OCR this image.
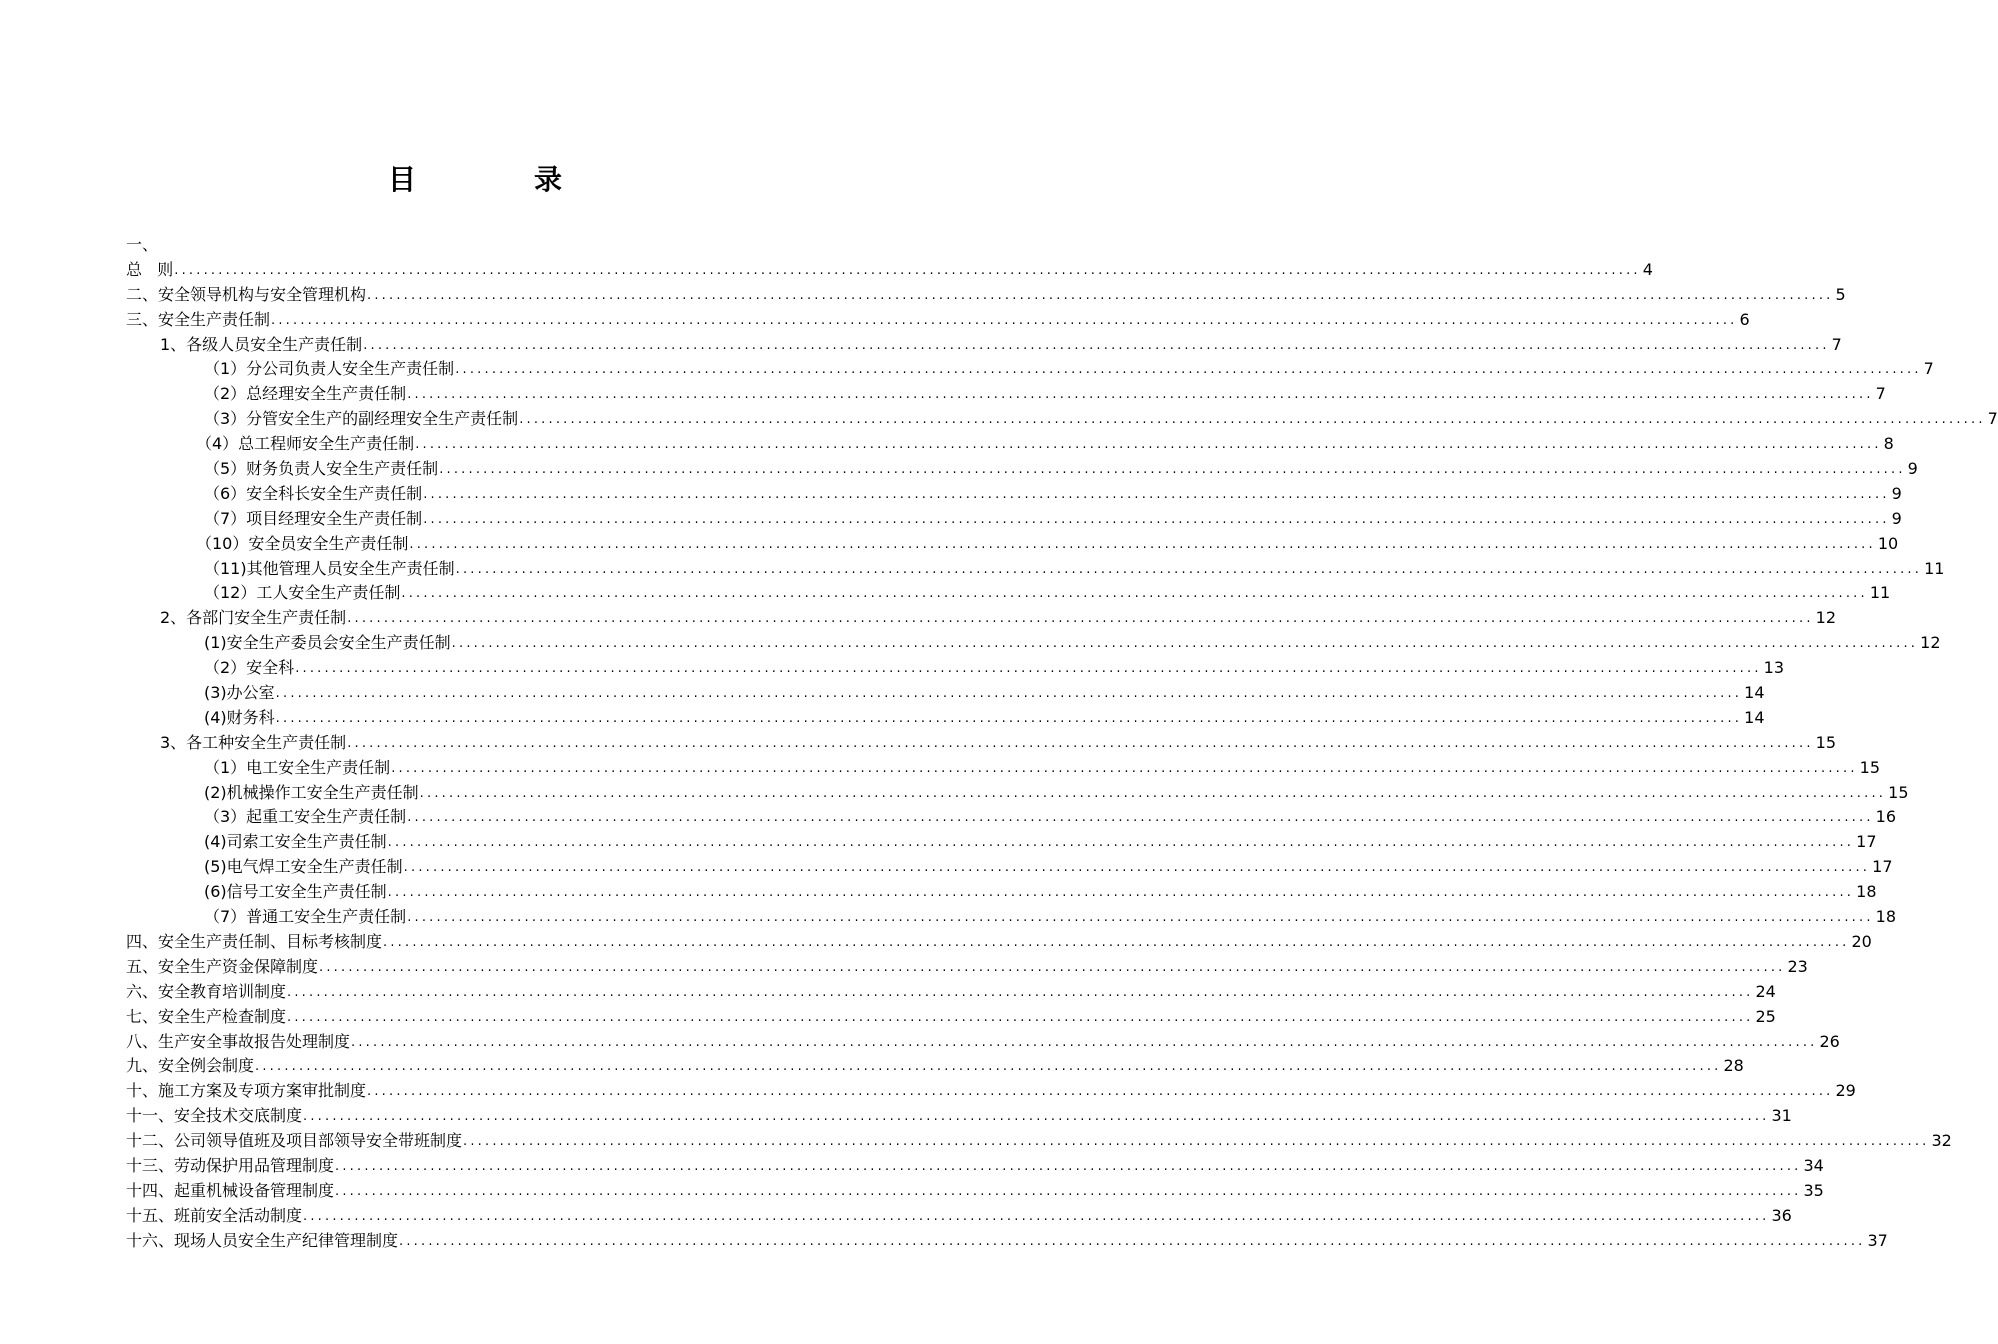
目	录
一、
总   则 ........................................................................................................................................................................................................ 4
二、安全领导机构与安全管理机构 ........................................................................................................................................................................................................ 5
三、安全生产责任制 ........................................................................................................................................................................................................ 6
1、各级人员安全生产责任制 ........................................................................................................................................................................................................ 7
（1）分公司负责人安全生产责任制 ........................................................................................................................................................................................................ 7
（2）总经理安全生产责任制 ........................................................................................................................................................................................................ 7
（3）分管安全生产的副经理安全生产责任制 ........................................................................................................................................................................................................ 7
（4）总工程师安全生产责任制 ........................................................................................................................................................................................................ 8
（5）财务负责人安全生产责任制 ........................................................................................................................................................................................................ 9
（6）安全科长安全生产责任制 ........................................................................................................................................................................................................ 9
（7）项目经理安全生产责任制 ........................................................................................................................................................................................................ 9
（10）安全员安全生产责任制 ........................................................................................................................................................................................................ 10
（11)其他管理人员安全生产责任制 ........................................................................................................................................................................................................ 11
（12）工人安全生产责任制 ........................................................................................................................................................................................................ 11
2、各部门安全生产责任制 ........................................................................................................................................................................................................ 12
(1)安全生产委员会安全生产责任制 ........................................................................................................................................................................................................ 12
（2）安全科 ........................................................................................................................................................................................................ 13
(3)办公室 ........................................................................................................................................................................................................ 14
(4)财务科 ........................................................................................................................................................................................................ 14
3、各工种安全生产责任制 ........................................................................................................................................................................................................ 15
（1）电工安全生产责任制 ........................................................................................................................................................................................................ 15
(2)机械操作工安全生产责任制 ........................................................................................................................................................................................................ 15
（3）起重工安全生产责任制 ........................................................................................................................................................................................................ 16
(4)司索工安全生产责任制 ........................................................................................................................................................................................................ 17
(5)电气焊工安全生产责任制 ........................................................................................................................................................................................................ 17
(6)信号工安全生产责任制 ........................................................................................................................................................................................................ 18
（7）普通工安全生产责任制 ........................................................................................................................................................................................................ 18
四、安全生产责任制、目标考核制度 ........................................................................................................................................................................................................ 20
五、安全生产资金保障制度 ........................................................................................................................................................................................................ 23
六、安全教育培训制度 ........................................................................................................................................................................................................ 24
七、安全生产检查制度 ........................................................................................................................................................................................................ 25
八、生产安全事故报告处理制度 ........................................................................................................................................................................................................ 26
九、安全例会制度 ........................................................................................................................................................................................................ 28
十、施工方案及专项方案审批制度 ........................................................................................................................................................................................................ 29
十一、安全技术交底制度 ........................................................................................................................................................................................................ 31
十二、公司领导值班及项目部领导安全带班制度 ........................................................................................................................................................................................................ 32
十三、劳动保护用品管理制度 ........................................................................................................................................................................................................ 34
十四、起重机械设备管理制度 ........................................................................................................................................................................................................ 35
十五、班前安全活动制度 ........................................................................................................................................................................................................ 36
十六、现场人员安全生产纪律管理制度 ........................................................................................................................................................................................................ 37
